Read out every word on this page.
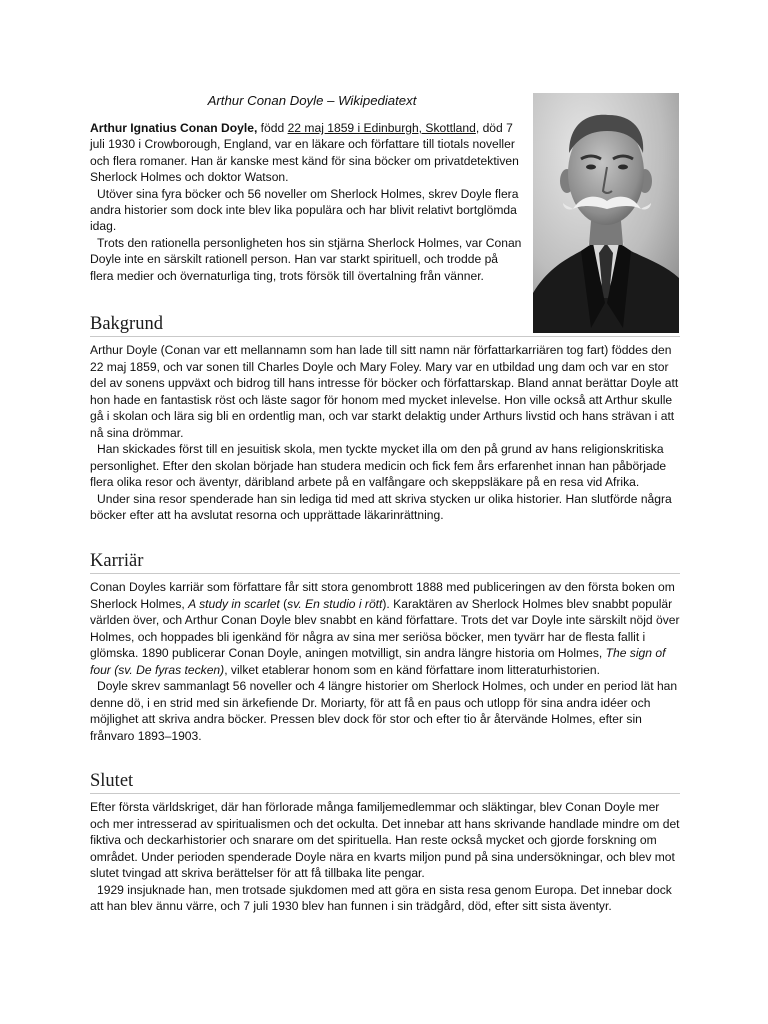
Arthur Conan Doyle – Wikipediatext

Arthur Ignatius Conan Doyle, född 22 maj 1859 i Edinburgh, Skottland, död 7 juli 1930 i Crowborough, England, var en läkare och författare till tiotals noveller och flera romaner. Han är kanske mest känd för sina böcker om privatdetektiven Sherlock Holmes och doktor Watson.

Utöver sina fyra böcker och 56 noveller om Sherlock Holmes, skrev Doyle flera andra historier som dock inte blev lika populära och har blivit relativt bortglömda idag.

Trots den rationella personligheten hos sin stjärna Sherlock Holmes, var Conan Doyle inte en särskilt rationell person. Han var starkt spirituell, och trodde på flera medier och övernaturliga ting, trots försök till övertalning från vänner.

Bakgrund

Arthur Doyle (Conan var ett mellannamn som han lade till sitt namn när författarkarriären tog fart) föddes den 22 maj 1859, och var sonen till Charles Doyle och Mary Foley. Mary var en utbildad ung dam och var en stor del av sonens uppväxt och bidrog till hans intresse för böcker och författarskap. Bland annat berättar Doyle att hon hade en fantastisk röst och läste sagor för honom med mycket inlevelse. Hon ville också att Arthur skulle gå i skolan och lära sig bli en ordentlig man, och var starkt delaktig under Arthurs livstid och hans strävan i att nå sina drömmar.

Han skickades först till en jesuitisk skola, men tyckte mycket illa om den på grund av hans religionskritiska personlighet. Efter den skolan började han studera medicin och fick fem års erfarenhet innan han påbörjade flera olika resor och äventyr, däribland arbete på en valfångare och skeppsläkare på en resa vid Afrika.

Under sina resor spenderade han sin lediga tid med att skriva stycken ur olika historier. Han slutförde några böcker efter att ha avslutat resorna och upprättade läkarinrättning.

Karriär

Conan Doyles karriär som författare får sitt stora genombrott 1888 med publiceringen av den första boken om Sherlock Holmes, A study in scarlet (sv. En studio i rött). Karaktären av Sherlock Holmes blev snabbt populär världen över, och Arthur Conan Doyle blev snabbt en känd författare. Trots det var Doyle inte särskilt nöjd över Holmes, och hoppades bli igenkänd för några av sina mer seriösa böcker, men tyvärr har de flesta fallit i glömska. 1890 publicerar Conan Doyle, aningen motvilligt, sin andra längre historia om Holmes, The sign of four (sv. De fyras tecken), vilket etablerar honom som en känd författare inom litteraturhistorien.

Doyle skrev sammanlagt 56 noveller och 4 längre historier om Sherlock Holmes, och under en period lät han denne dö, i en strid med sin ärkefiende Dr. Moriarty, för att få en paus och utlopp för sina andra idéer och möjlighet att skriva andra böcker. Pressen blev dock för stor och efter tio år återvände Holmes, efter sin frånvaro 1893–1903.

Slutet

Efter första världskriget, där han förlorade många familjemedlemmar och släktingar, blev Conan Doyle mer och mer intresserad av spiritualismen och det ockulta. Det innebar att hans skrivande handlade mindre om det fiktiva och deckarhistorier och snarare om det spirituella. Han reste också mycket och gjorde forskning om området. Under perioden spenderade Doyle nära en kvarts miljon pund på sina undersökningar, och blev mot slutet tvingad att skriva berättelser för att få tillbaka lite pengar.

1929 insjuknade han, men trotsade sjukdomen med att göra en sista resa genom Europa. Det innebar dock att han blev ännu värre, och 7 juli 1930 blev han funnen i sin trädgård, död, efter sitt sista äventyr.
